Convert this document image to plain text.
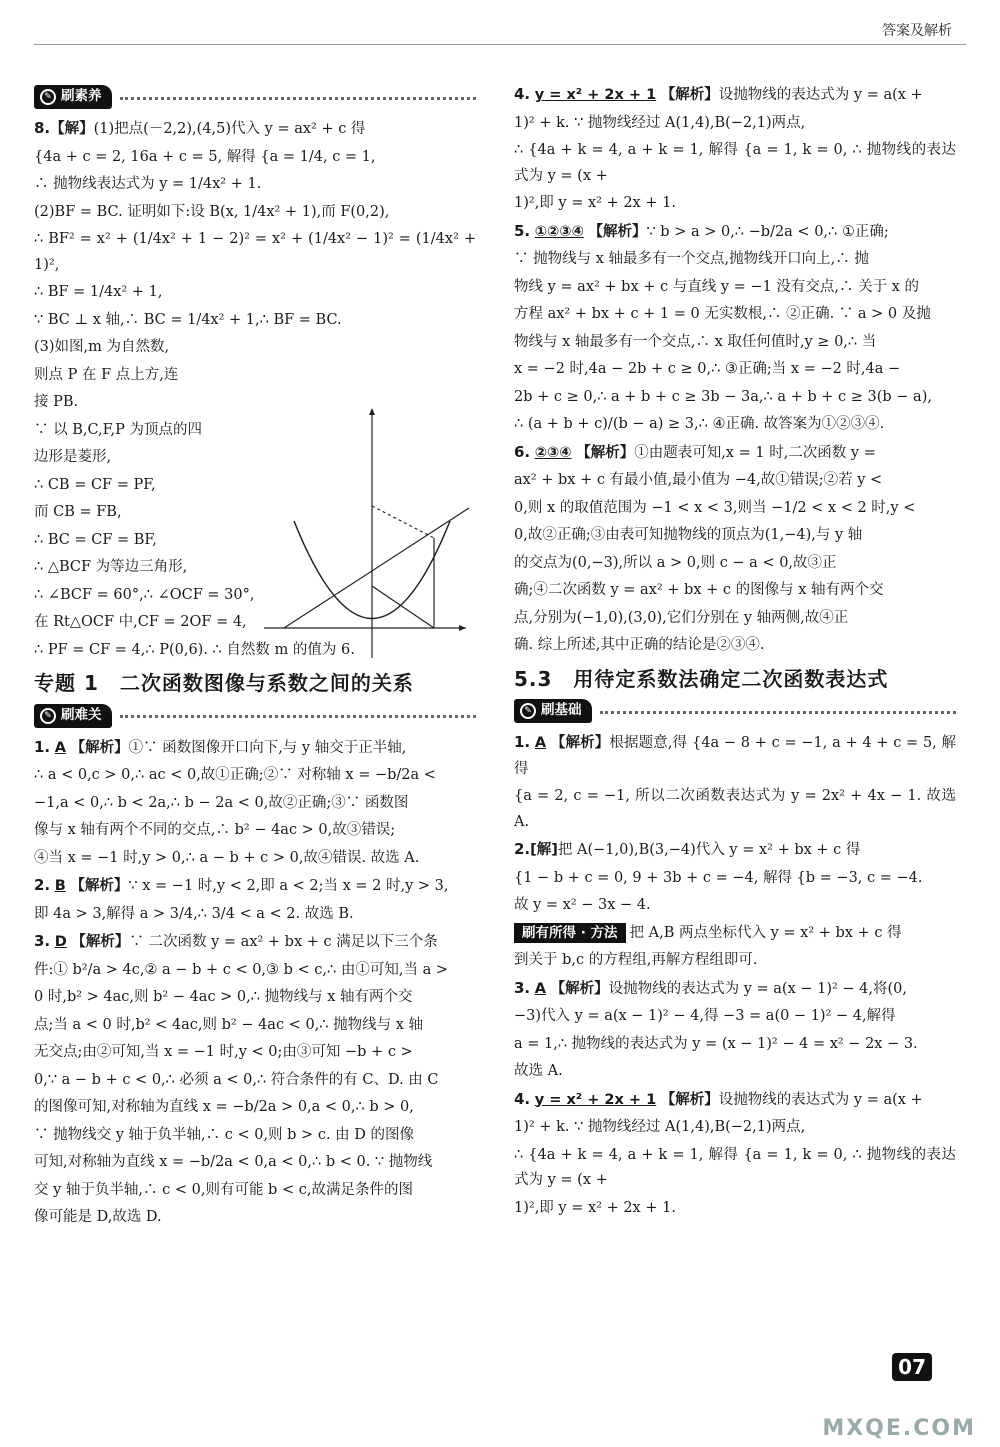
答案及解析
✎ 刷素养

8.【解】(1)把点(－2,2),(4,5)代入 y = ax² + c 得

{4a + c = 2, 16a + c = 5, 解得 {a = 1/4, c = 1,

∴ 抛物线表达式为 y = 1/4x² + 1.

(2)BF = BC. 证明如下:设 B(x, 1/4x² + 1),而 F(0,2),

∴ BF² = x² + (1/4x² + 1 − 2)² = x² + (1/4x² − 1)² = (1/4x² + 1)²,

∴ BF = 1/4x² + 1,

∵ BC ⊥ x 轴,∴ BC = 1/4x² + 1,∴ BF = BC.

(3)如图,m 为自然数,

则点 P 在 F 点上方,连

接 PB.

∵ 以 B,C,F,P 为顶点的四

边形是菱形,

∴ CB = CF = PF,

而 CB = FB,

∴ BC = CF = BF,

∴ △BCF 为等边三角形,

∴ ∠BCF = 60°,∴ ∠OCF = 30°,

在 Rt△OCF 中,CF = 2OF = 4,

∴ PF = CF = 4,∴ P(0,6). ∴ 自然数 m 的值为 6.

专题 1　二次函数图像与系数之间的关系
✎ 刷难关

1. A 【解析】①∵ 函数图像开口向下,与 y 轴交于正半轴,

∴ a < 0,c > 0,∴ ac < 0,故①正确;②∵ 对称轴 x = −b/2a <

−1,a < 0,∴ b < 2a,∴ b − 2a < 0,故②正确;③∵ 函数图

像与 x 轴有两个不同的交点,∴ b² − 4ac > 0,故③错误;

④当 x = −1 时,y > 0,∴ a − b + c > 0,故④错误. 故选 A.

2. B 【解析】∵ x = −1 时,y < 2,即 a < 2;当 x = 2 时,y > 3,

即 4a > 3,解得 a > 3/4,∴ 3/4 < a < 2. 故选 B.

3. D 【解析】∵ 二次函数 y = ax² + bx + c 满足以下三个条

件:① b²/a > 4c,② a − b + c < 0,③ b < c,∴ 由①可知,当 a >

0 时,b² > 4ac,则 b² − 4ac > 0,∴ 抛物线与 x 轴有两个交

点;当 a < 0 时,b² < 4ac,则 b² − 4ac < 0,∴ 抛物线与 x 轴

无交点;由②可知,当 x = −1 时,y < 0;由③可知 −b + c >

0,∵ a − b + c < 0,∴ 必须 a < 0,∴ 符合条件的有 C、D. 由 C

的图像可知,对称轴为直线 x = −b/2a > 0,a < 0,∴ b > 0,

∵ 抛物线交 y 轴于负半轴,∴ c < 0,则 b > c. 由 D 的图像

可知,对称轴为直线 x = −b/2a < 0,a < 0,∴ b < 0. ∵ 抛物线

交 y 轴于负半轴,∴ c < 0,则有可能 b < c,故满足条件的图

像可能是 D,故选 D.

4. y = x² + 2x + 1 【解析】设抛物线的表达式为 y = a(x +

1)² + k. ∵ 抛物线经过 A(1,4),B(−2,1)两点,

∴ {4a + k = 4, a + k = 1, 解得 {a = 1, k = 0, ∴ 抛物线的表达式为 y = (x +

1)²,即 y = x² + 2x + 1.

5. ①②③④ 【解析】∵ b > a > 0,∴ −b/2a < 0,∴ ①正确;

∵ 抛物线与 x 轴最多有一个交点,抛物线开口向上,∴ 抛

物线 y = ax² + bx + c 与直线 y = −1 没有交点,∴ 关于 x 的

方程 ax² + bx + c + 1 = 0 无实数根,∴ ②正确. ∵ a > 0 及抛

物线与 x 轴最多有一个交点,∴ x 取任何值时,y ≥ 0,∴ 当

x = −2 时,4a − 2b + c ≥ 0,∴ ③正确;当 x = −2 时,4a −

2b + c ≥ 0,∴ a + b + c ≥ 3b − 3a,∴ a + b + c ≥ 3(b − a),

∴ (a + b + c)/(b − a) ≥ 3,∴ ④正确. 故答案为①②③④.

6. ②③④ 【解析】①由题表可知,x = 1 时,二次函数 y =

ax² + bx + c 有最小值,最小值为 −4,故①错误;②若 y <

0,则 x 的取值范围为 −1 < x < 3,则当 −1/2 < x < 2 时,y <

0,故②正确;③由表可知抛物线的顶点为(1,−4),与 y 轴

的交点为(0,−3),所以 a > 0,则 c − a < 0,故③正

确;④二次函数 y = ax² + bx + c 的图像与 x 轴有两个交

点,分别为(−1,0),(3,0),它们分别在 y 轴两侧,故④正

确. 综上所述,其中正确的结论是②③④.

5.3　用待定系数法确定二次函数表达式
✎ 刷基础

1. A 【解析】根据题意,得 {4a − 8 + c = −1, a + 4 + c = 5, 解得

{a = 2, c = −1, 所以二次函数表达式为 y = 2x² + 4x − 1. 故选 A.

2.[解]把 A(−1,0),B(3,−4)代入 y = x² + bx + c 得

{1 − b + c = 0, 9 + 3b + c = −4, 解得 {b = −3, c = −4.

故 y = x² − 3x − 4.

刷有所得 · 方法 把 A,B 两点坐标代入 y = x² + bx + c 得

到关于 b,c 的方程组,再解方程组即可.

3. A 【解析】设抛物线的表达式为 y = a(x − 1)² − 4,将(0,

−3)代入 y = a(x − 1)² − 4,得 −3 = a(0 − 1)² − 4,解得

a = 1,∴ 抛物线的表达式为 y = (x − 1)² − 4 = x² − 2x − 3.

故选 A.

4. y = x² + 2x + 1 【解析】设抛物线的表达式为 y = a(x +

1)² + k. ∵ 抛物线经过 A(1,4),B(−2,1)两点,

∴ {4a + k = 4, a + k = 1, 解得 {a = 1, k = 0, ∴ 抛物线的表达式为 y = (x +

1)²,即 y = x² + 2x + 1.

07
MXQE.COM
